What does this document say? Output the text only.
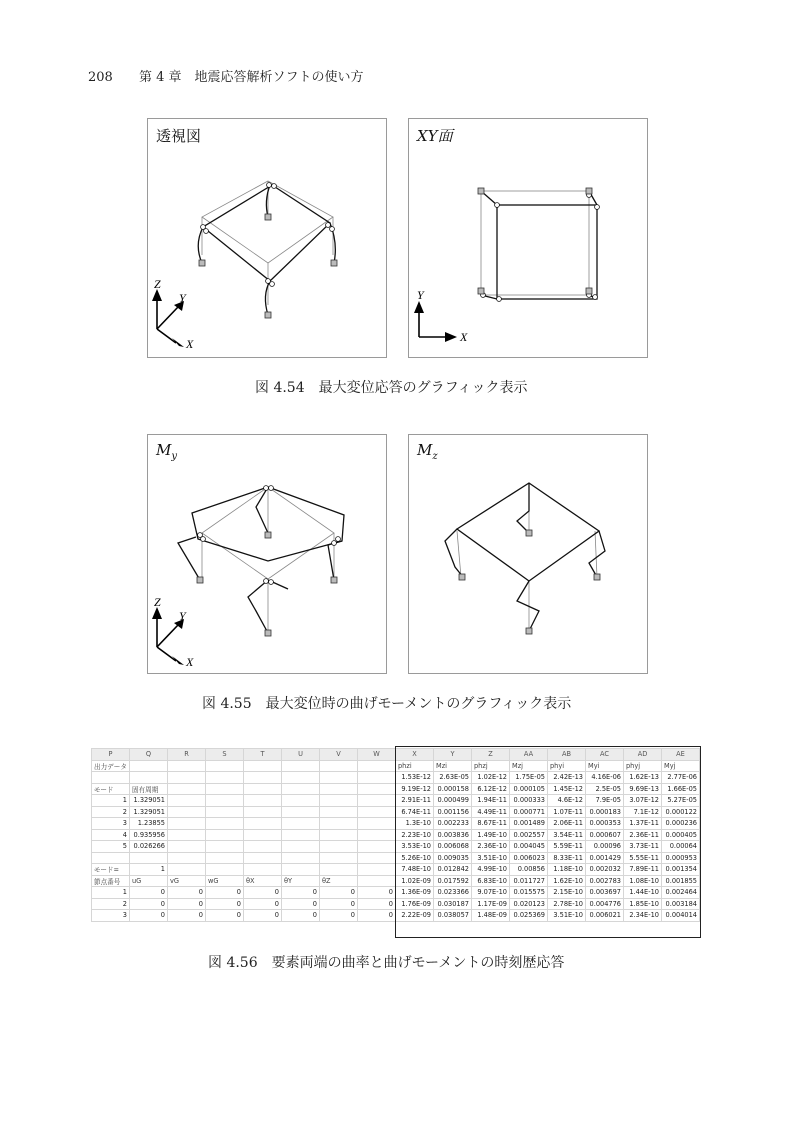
208 第 4 章　地震応答解析ソフトの使い方
透視図
Z
Y
X
XY面
Y
X
図 4.54　最大変位応答のグラフィック表示
$M_y$
Z
Y
X
$M_z$
図 4.55　最大変位時の曲げモーメントのグラフィック表示
P	Q	R	S	T	U	V	W	X	Y	Z	AA	AB	AC	AD	AE
出力データ								phzi	Mzi	phzj	Mzj	phyi	Myi	phyj	Myj
								1.53E-12	2.63E-05	1.02E-12	1.75E-05	2.42E-13	4.16E-06	1.62E-13	2.77E-06
モード	固有周期							9.19E-12	0.000158	6.12E-12	0.000105	1.45E-12	2.5E-05	9.69E-13	1.66E-05
1	1.329051							2.91E-11	0.000499	1.94E-11	0.000333	4.6E-12	7.9E-05	3.07E-12	5.27E-05
2	1.329051							6.74E-11	0.001156	4.49E-11	0.000771	1.07E-11	0.000183	7.1E-12	0.000122
3	1.23855							1.3E-10	0.002233	8.67E-11	0.001489	2.06E-11	0.000353	1.37E-11	0.000236
4	0.935956							2.23E-10	0.003836	1.49E-10	0.002557	3.54E-11	0.000607	2.36E-11	0.000405
5	0.026266							3.53E-10	0.006068	2.36E-10	0.004045	5.59E-11	0.00096	3.73E-11	0.00064
								5.26E-10	0.009035	3.51E-10	0.006023	8.33E-11	0.001429	5.55E-11	0.000953
モード=	1							7.48E-10	0.012842	4.99E-10	0.00856	1.18E-10	0.002032	7.89E-11	0.001354
節点番号	uG	vG	wG	θX	θY	θZ		1.02E-09	0.017592	6.83E-10	0.011727	1.62E-10	0.002783	1.08E-10	0.001855
1	0	0	0	0	0	0	0	1.36E-09	0.023366	9.07E-10	0.015575	2.15E-10	0.003697	1.44E-10	0.002464
2	0	0	0	0	0	0	0	1.76E-09	0.030187	1.17E-09	0.020123	2.78E-10	0.004776	1.85E-10	0.003184
3	0	0	0	0	0	0	0	2.22E-09	0.038057	1.48E-09	0.025369	3.51E-10	0.006021	2.34E-10	0.004014
図 4.56　要素両端の曲率と曲げモーメントの時刻歴応答
